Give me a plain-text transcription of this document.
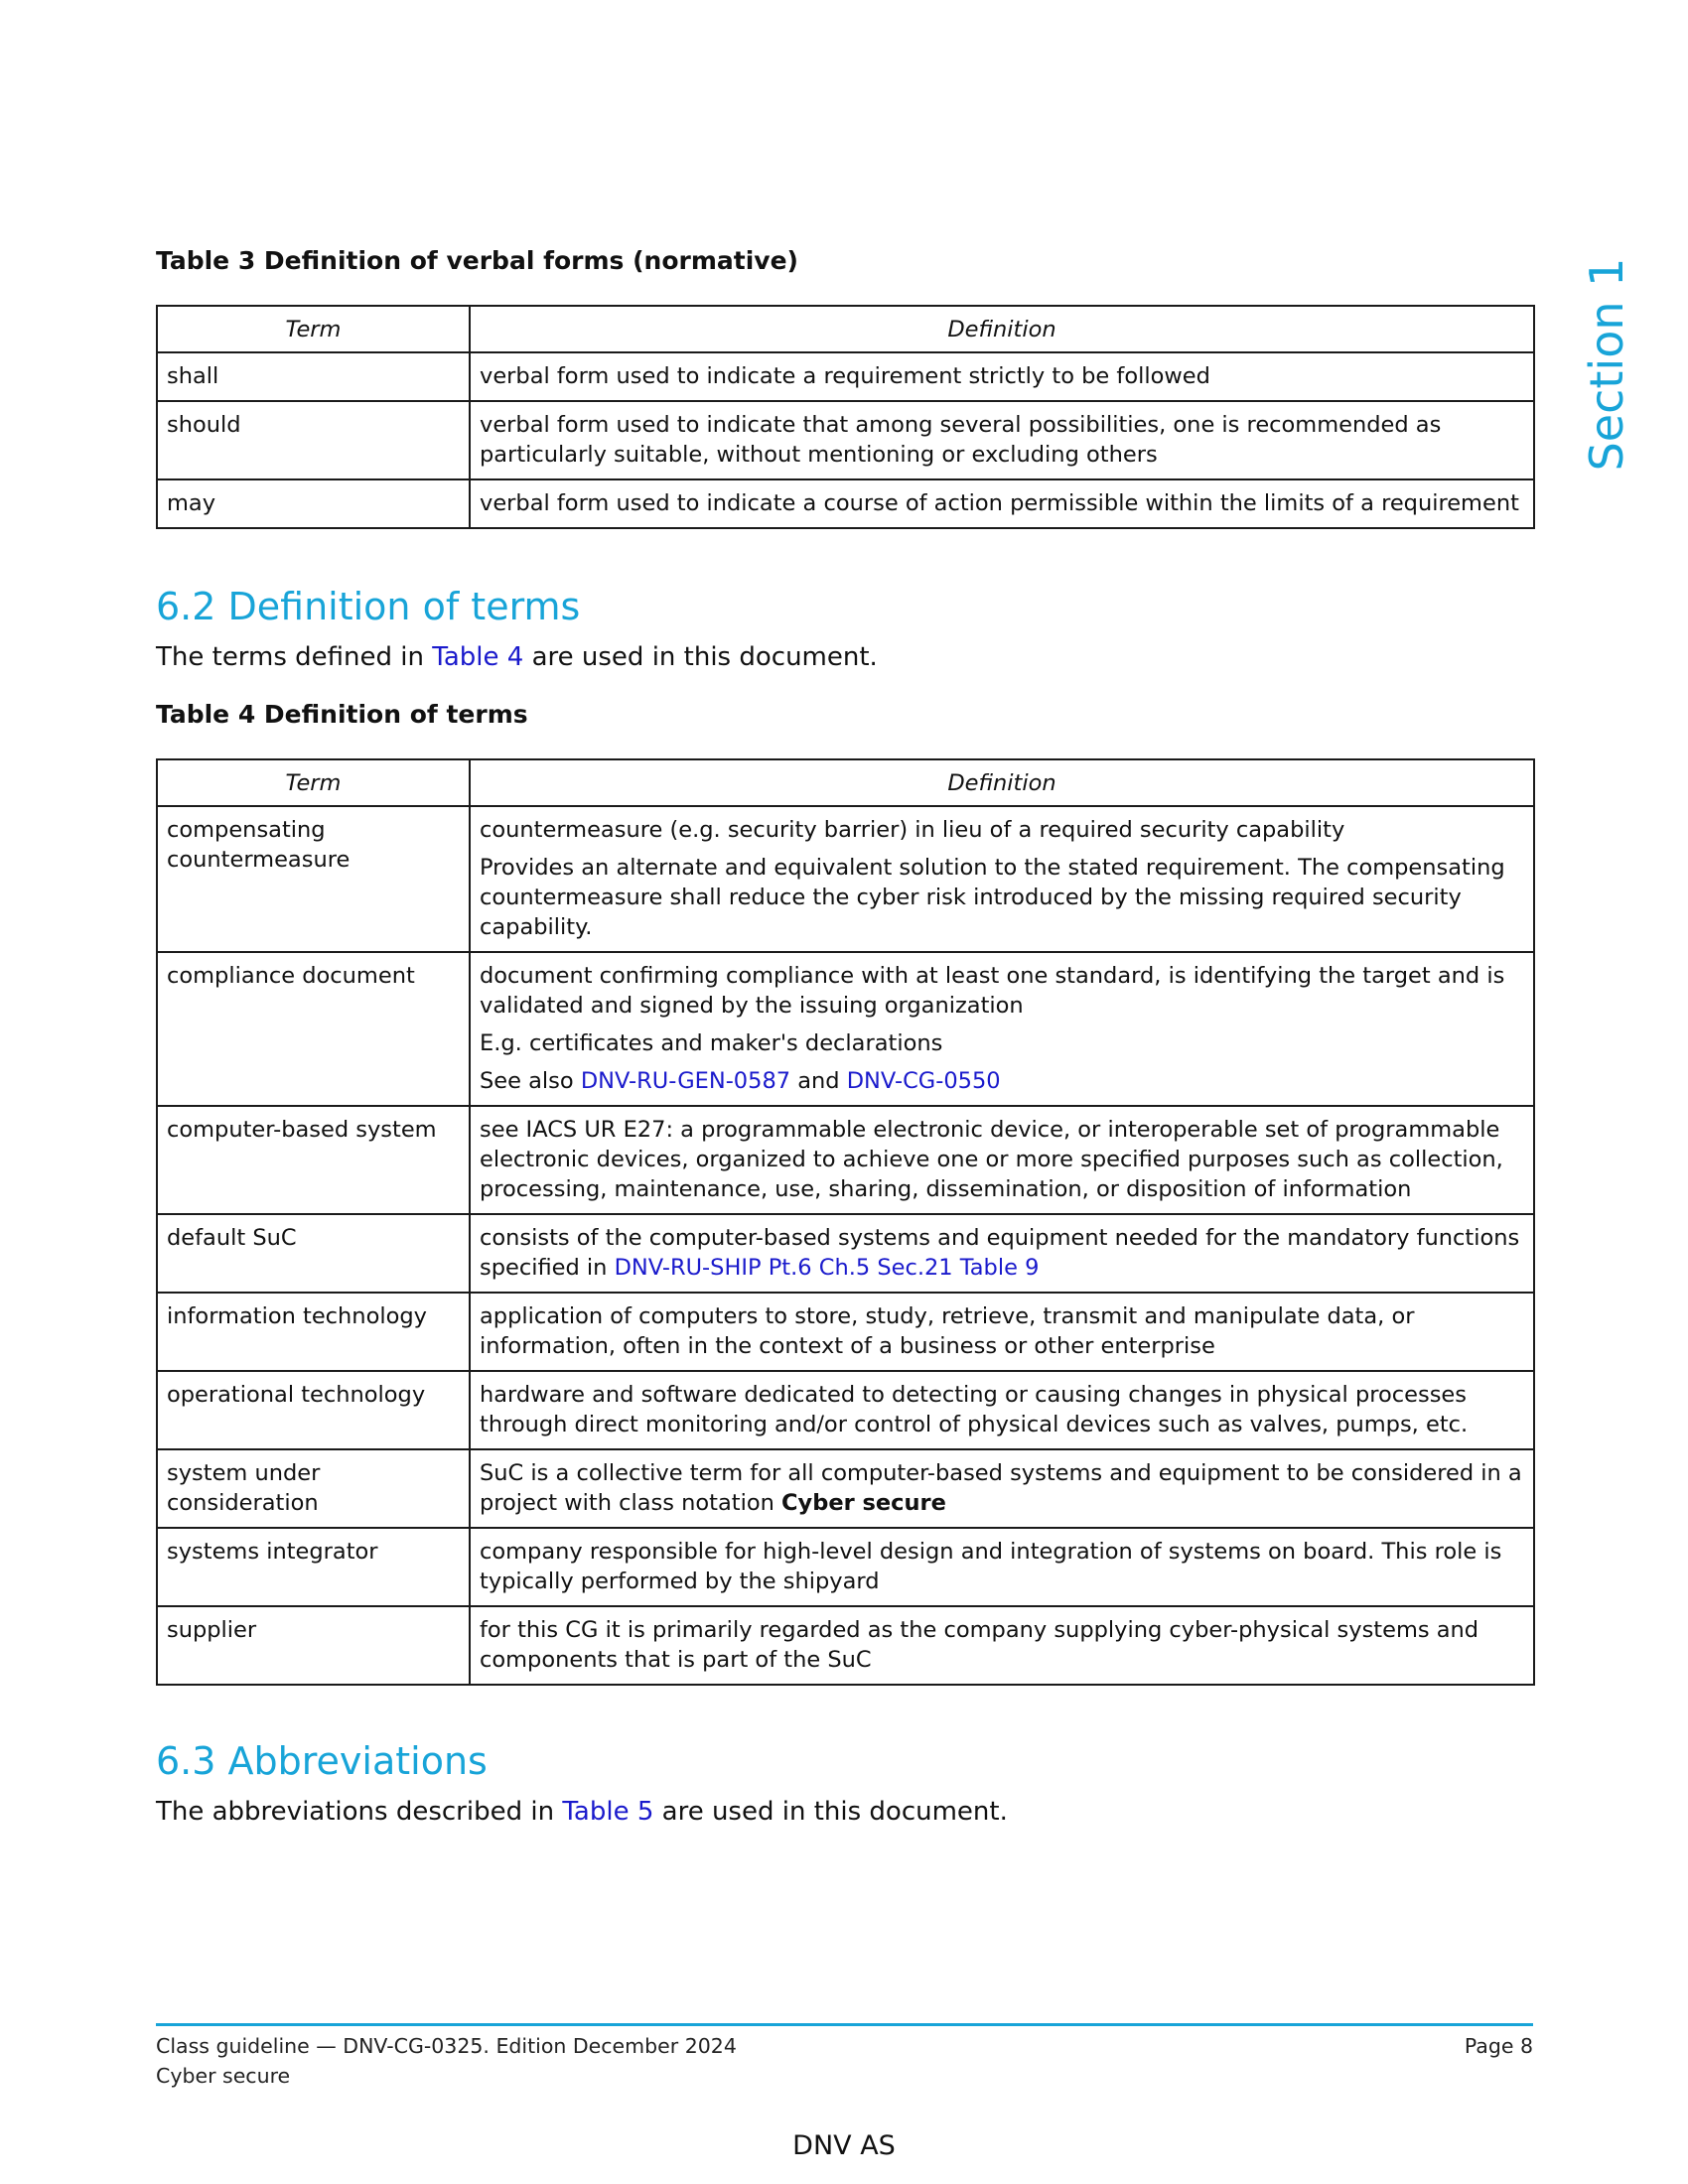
Section 1
Table 3 Definition of verbal forms (normative)
Term	Definition
shall	verbal form used to indicate a requirement strictly to be followed
should	verbal form used to indicate that among several possibilities, one is recommended as particularly suitable, without mentioning or excluding others
may	verbal form used to indicate a course of action permissible within the limits of a requirement
6.2 Definition of terms
The terms defined in Table 4 are used in this document.
Table 4 Definition of terms
Term	Definition
compensating countermeasure	countermeasure (e.g. security barrier) in lieu of a required security capability

Provides an alternate and equivalent solution to the stated requirement. The compensating countermeasure shall reduce the cyber risk introduced by the missing required security capability.

compliance document	document confirming compliance with at least one standard, is identifying the target and is validated and signed by the issuing organization

E.g. certificates and maker's declarations

See also DNV-RU-GEN-0587 and DNV-CG-0550

computer-based system	see IACS UR E27: a programmable electronic device, or interoperable set of programmable electronic devices, organized to achieve one or more specified purposes such as collection, processing, maintenance, use, sharing, dissemination, or disposition of information

default SuC	consists of the computer-based systems and equipment needed for the mandatory functions specified in DNV-RU-SHIP Pt.6 Ch.5 Sec.21 Table 9

information technology	application of computers to store, study, retrieve, transmit and manipulate data, or information, often in the context of a business or other enterprise

operational technology	hardware and software dedicated to detecting or causing changes in physical processes through direct monitoring and/or control of physical devices such as valves, pumps, etc.

system under consideration	SuC is a collective term for all computer-based systems and equipment to be considered in a project with class notation Cyber secure

systems integrator	company responsible for high-level design and integration of systems on board. This role is typically performed by the shipyard

supplier	for this CG it is primarily regarded as the company supplying cyber-physical systems and components that is part of the SuC

6.3 Abbreviations
The abbreviations described in Table 5 are used in this document.
Class guideline — DNV-CG-0325. Edition December 2024
Cyber secure
Page 8
DNV AS
